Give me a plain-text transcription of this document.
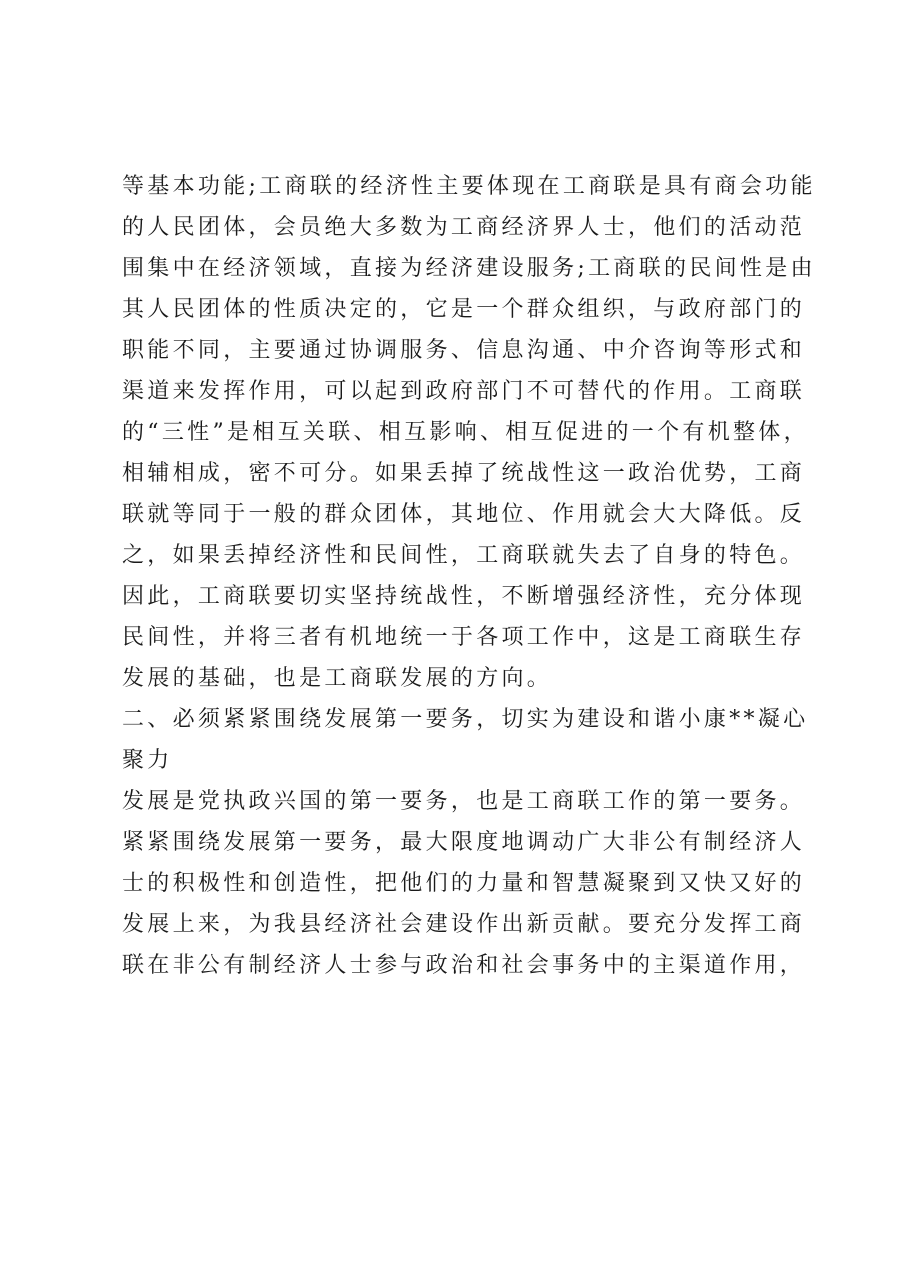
等基本功能;工商联的经济性主要体现在工商联是具有商会功能
的人民团体，会员绝大多数为工商经济界人士，他们的活动范
围集中在经济领域，直接为经济建设服务;工商联的民间性是由
其人民团体的性质决定的，它是一个群众组织，与政府部门的
职能不同，主要通过协调服务、信息沟通、中介咨询等形式和
渠道来发挥作用，可以起到政府部门不可替代的作用。工商联
的“三性”是相互关联、相互影响、相互促进的一个有机整体，
相辅相成，密不可分。如果丢掉了统战性这一政治优势，工商
联就等同于一般的群众团体，其地位、作用就会大大降低。反
之，如果丢掉经济性和民间性，工商联就失去了自身的特色。
因此，工商联要切实坚持统战性，不断增强经济性，充分体现
民间性，并将三者有机地统一于各项工作中，这是工商联生存
发展的基础，也是工商联发展的方向。
二、必须紧紧围绕发展第一要务，切实为建设和谐小康**凝心
聚力
发展是党执政兴国的第一要务，也是工商联工作的第一要务。
紧紧围绕发展第一要务，最大限度地调动广大非公有制经济人
士的积极性和创造性，把他们的力量和智慧凝聚到又快又好的
发展上来，为我县经济社会建设作出新贡献。要充分发挥工商
联在非公有制经济人士参与政治和社会事务中的主渠道作用，
